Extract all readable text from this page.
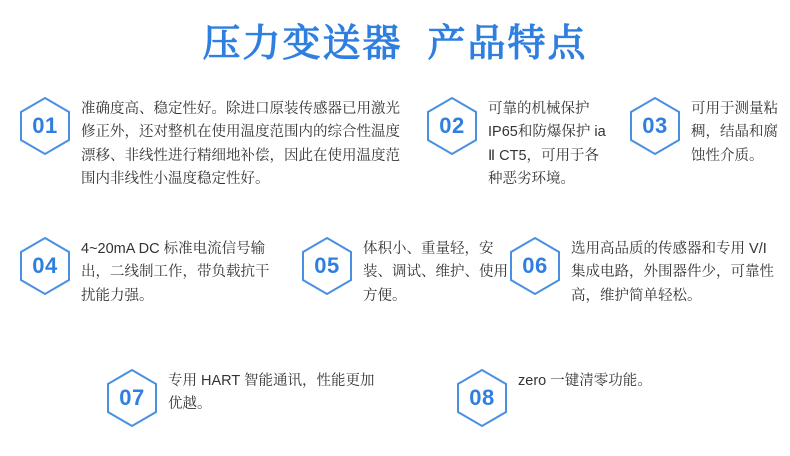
压力变送器  产品特点
01
准确度高、稳定性好。除进口原装传感器已用激光修正外，还对整机在使用温度范围内的综合性温度漂移、非线性进行精细地补偿，因此在使用温度范围内非线性小温度稳定性好。
02
可靠的机械保护IP65和防爆保护 ia Ⅱ CT5，可用于各种恶劣环境。
03
可用于测量粘稠，结晶和腐蚀性介质。
04
4~20mA DC 标准电流信号输出，二线制工作，带负载抗干扰能力强。
05
体积小、重量轻，安装、调试、维护、使用方便。
06
选用高品质的传感器和专用 V/I 集成电路，外围器件少，可靠性高，维护简单轻松。
07
专用 HART 智能通讯，性能更加优越。	08
zero 一键清零功能。
